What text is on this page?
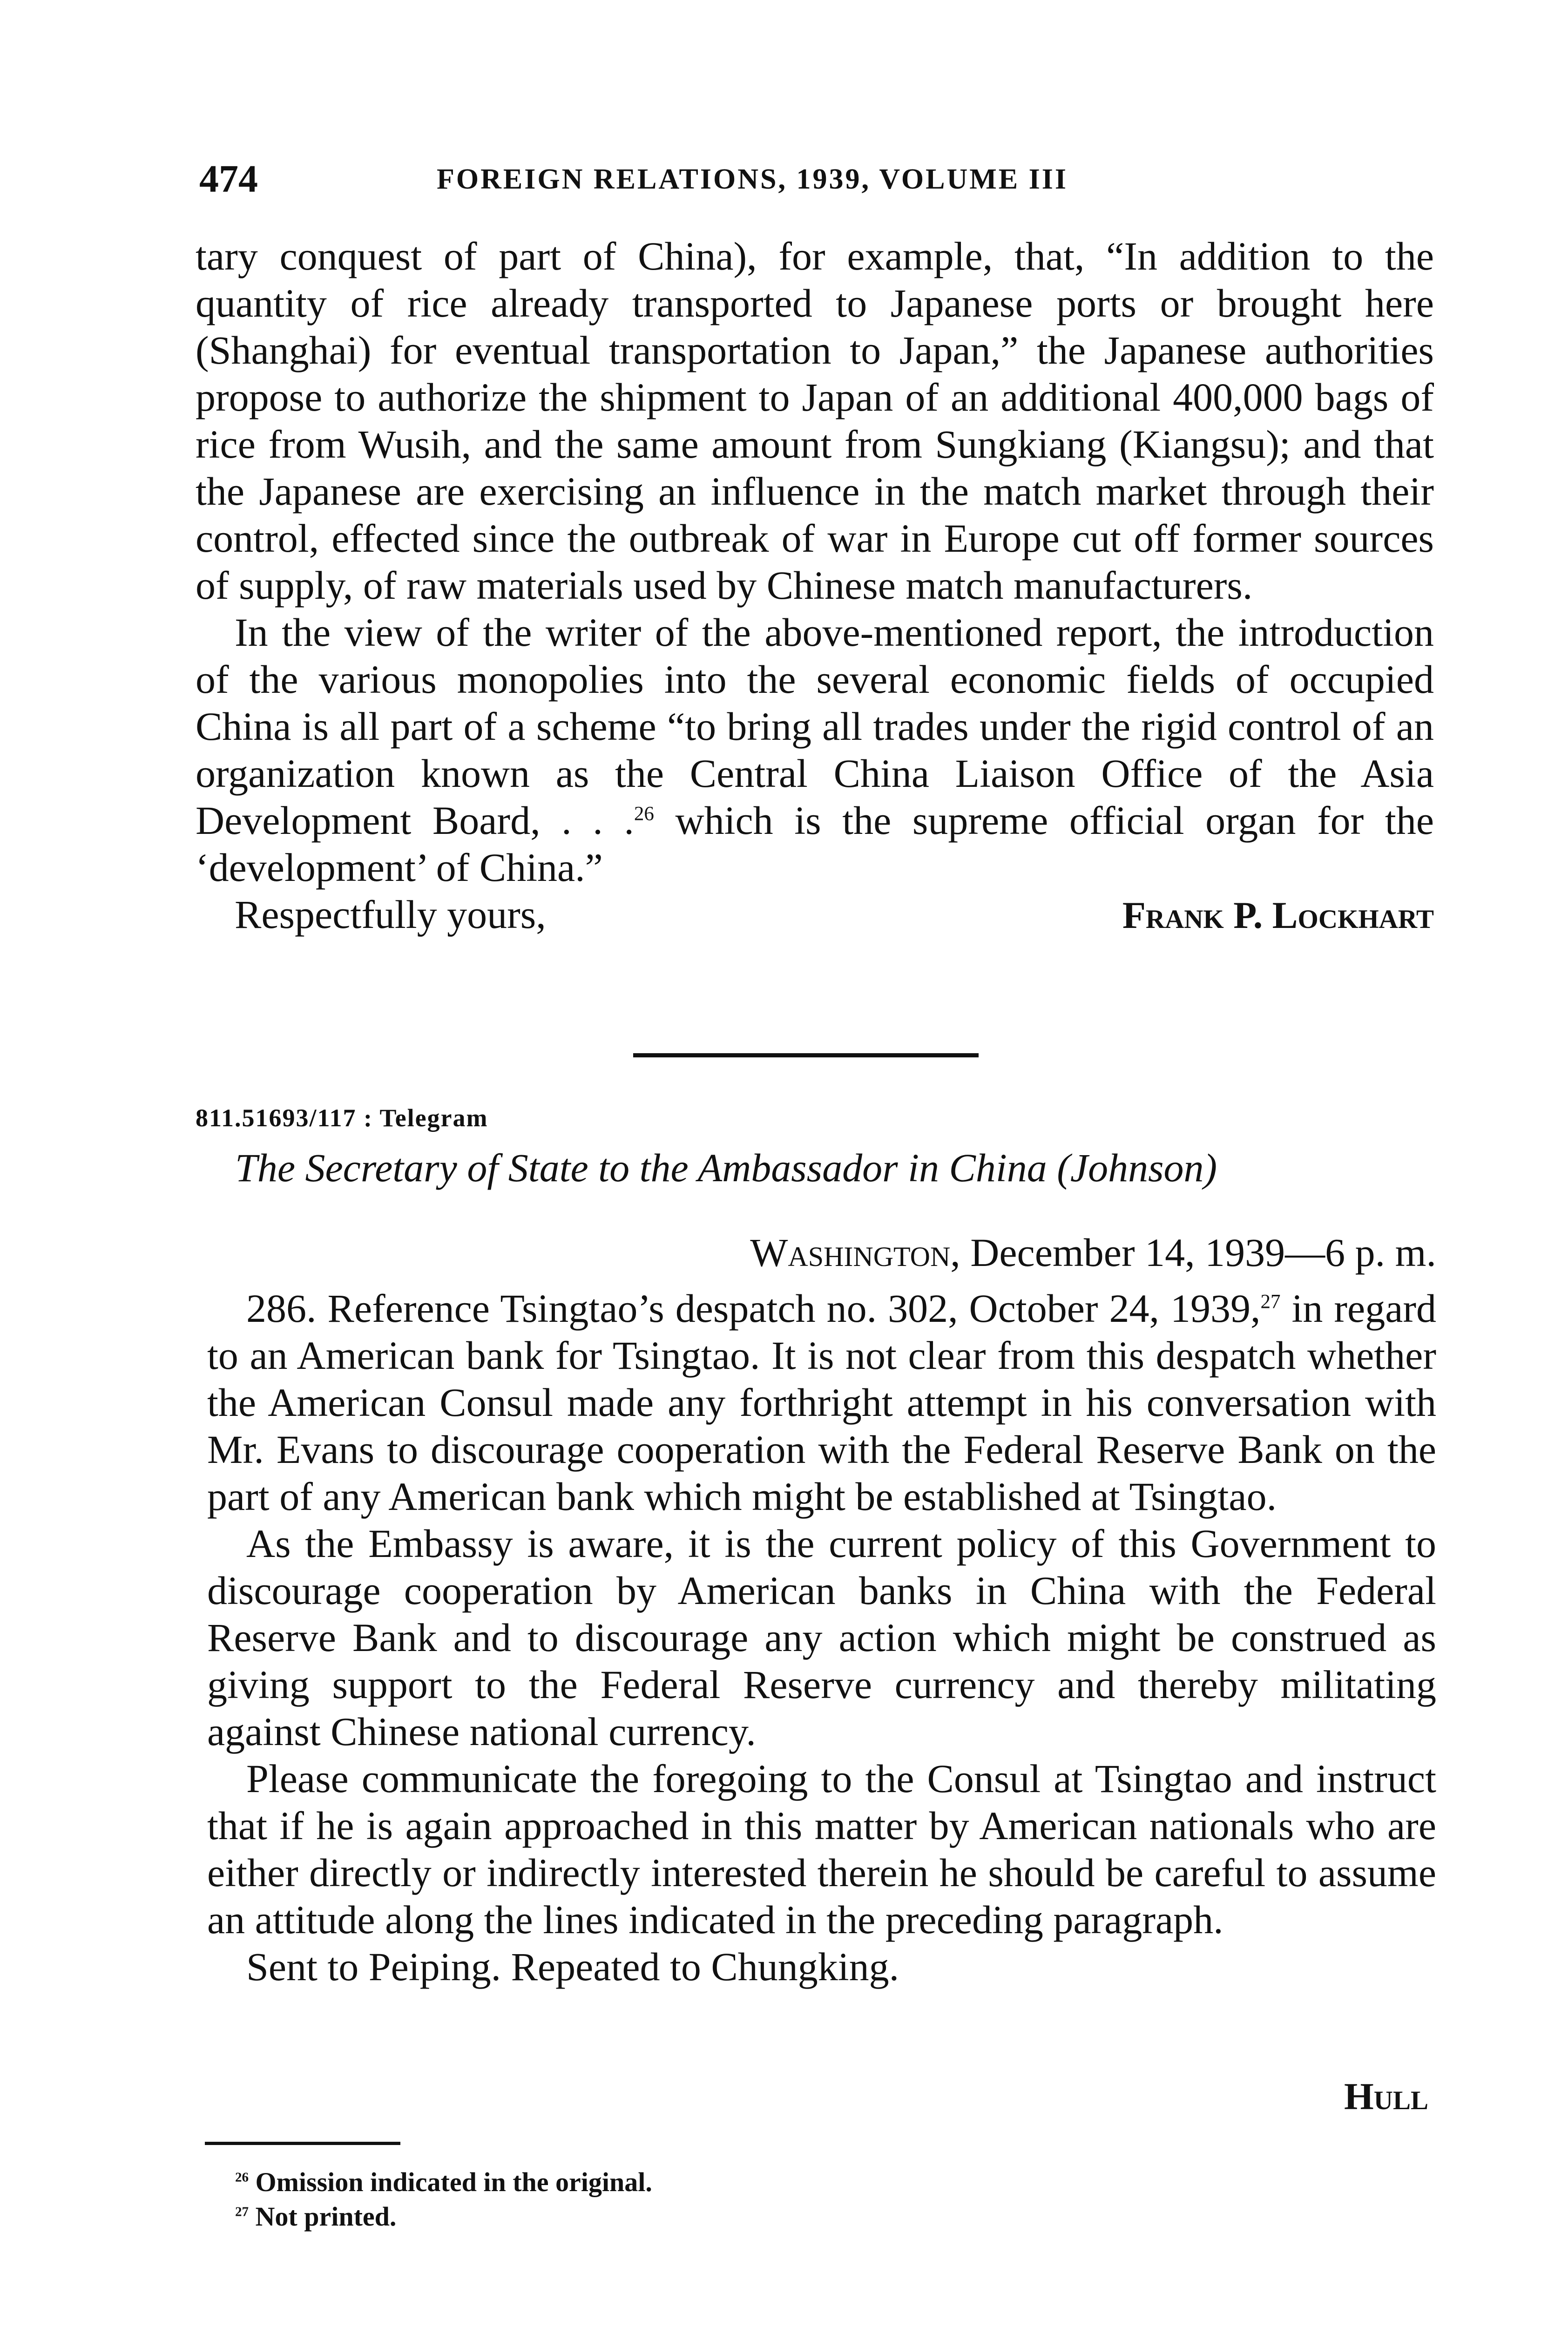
474	FOREIGN RELATIONS, 1939, VOLUME III

tary conquest of part of China), for example, that, “In addition to the quantity of rice already transported to Japanese ports or brought here (Shanghai) for eventual transportation to Japan,” the Japanese authorities propose to authorize the shipment to Japan of an additional 400,000 bags of rice from Wusih, and the same amount from Sungkiang (Kiangsu); and that the Japanese are exercising an influence in the match market through their control, effected since the outbreak of war in Europe cut off former sources of supply, of raw materials used by Chinese match manufacturers.

In the view of the writer of the above-mentioned report, the introduction of the various monopolies into the several economic fields of occupied China is all part of a scheme “to bring all trades under the rigid control of an organization known as the Central China Liaison Office of the Asia Development Board, . . .$^{26}$ which is the supreme official organ for the ‘development’ of China.”

Respectfully yours,	Frank P. Lockhart
811.51693/117 : Telegram
The Secretary of State to the Ambassador in China (Johnson)
Washington, December 14, 1939—6 p. m.

286. Reference Tsingtao’s despatch no. 302, October 24, 1939,27 in regard to an American bank for Tsingtao. It is not clear from this despatch whether the American Consul made any forthright attempt in his conversation with Mr. Evans to discourage cooperation with the Federal Reserve Bank on the part of any American bank which might be established at Tsingtao.

As the Embassy is aware, it is the current policy of this Government to discourage cooperation by American banks in China with the Federal Reserve Bank and to discourage any action which might be construed as giving support to the Federal Reserve currency and thereby militating against Chinese national currency.

Please communicate the foregoing to the Consul at Tsingtao and instruct that if he is again approached in this matter by American nationals who are either directly or indirectly interested therein he should be careful to assume an attitude along the lines indicated in the preceding paragraph.

Sent to Peiping. Repeated to Chungking.

Hull
$^{26}$ Omission indicated in the original.
$^{27}$ Not printed.
